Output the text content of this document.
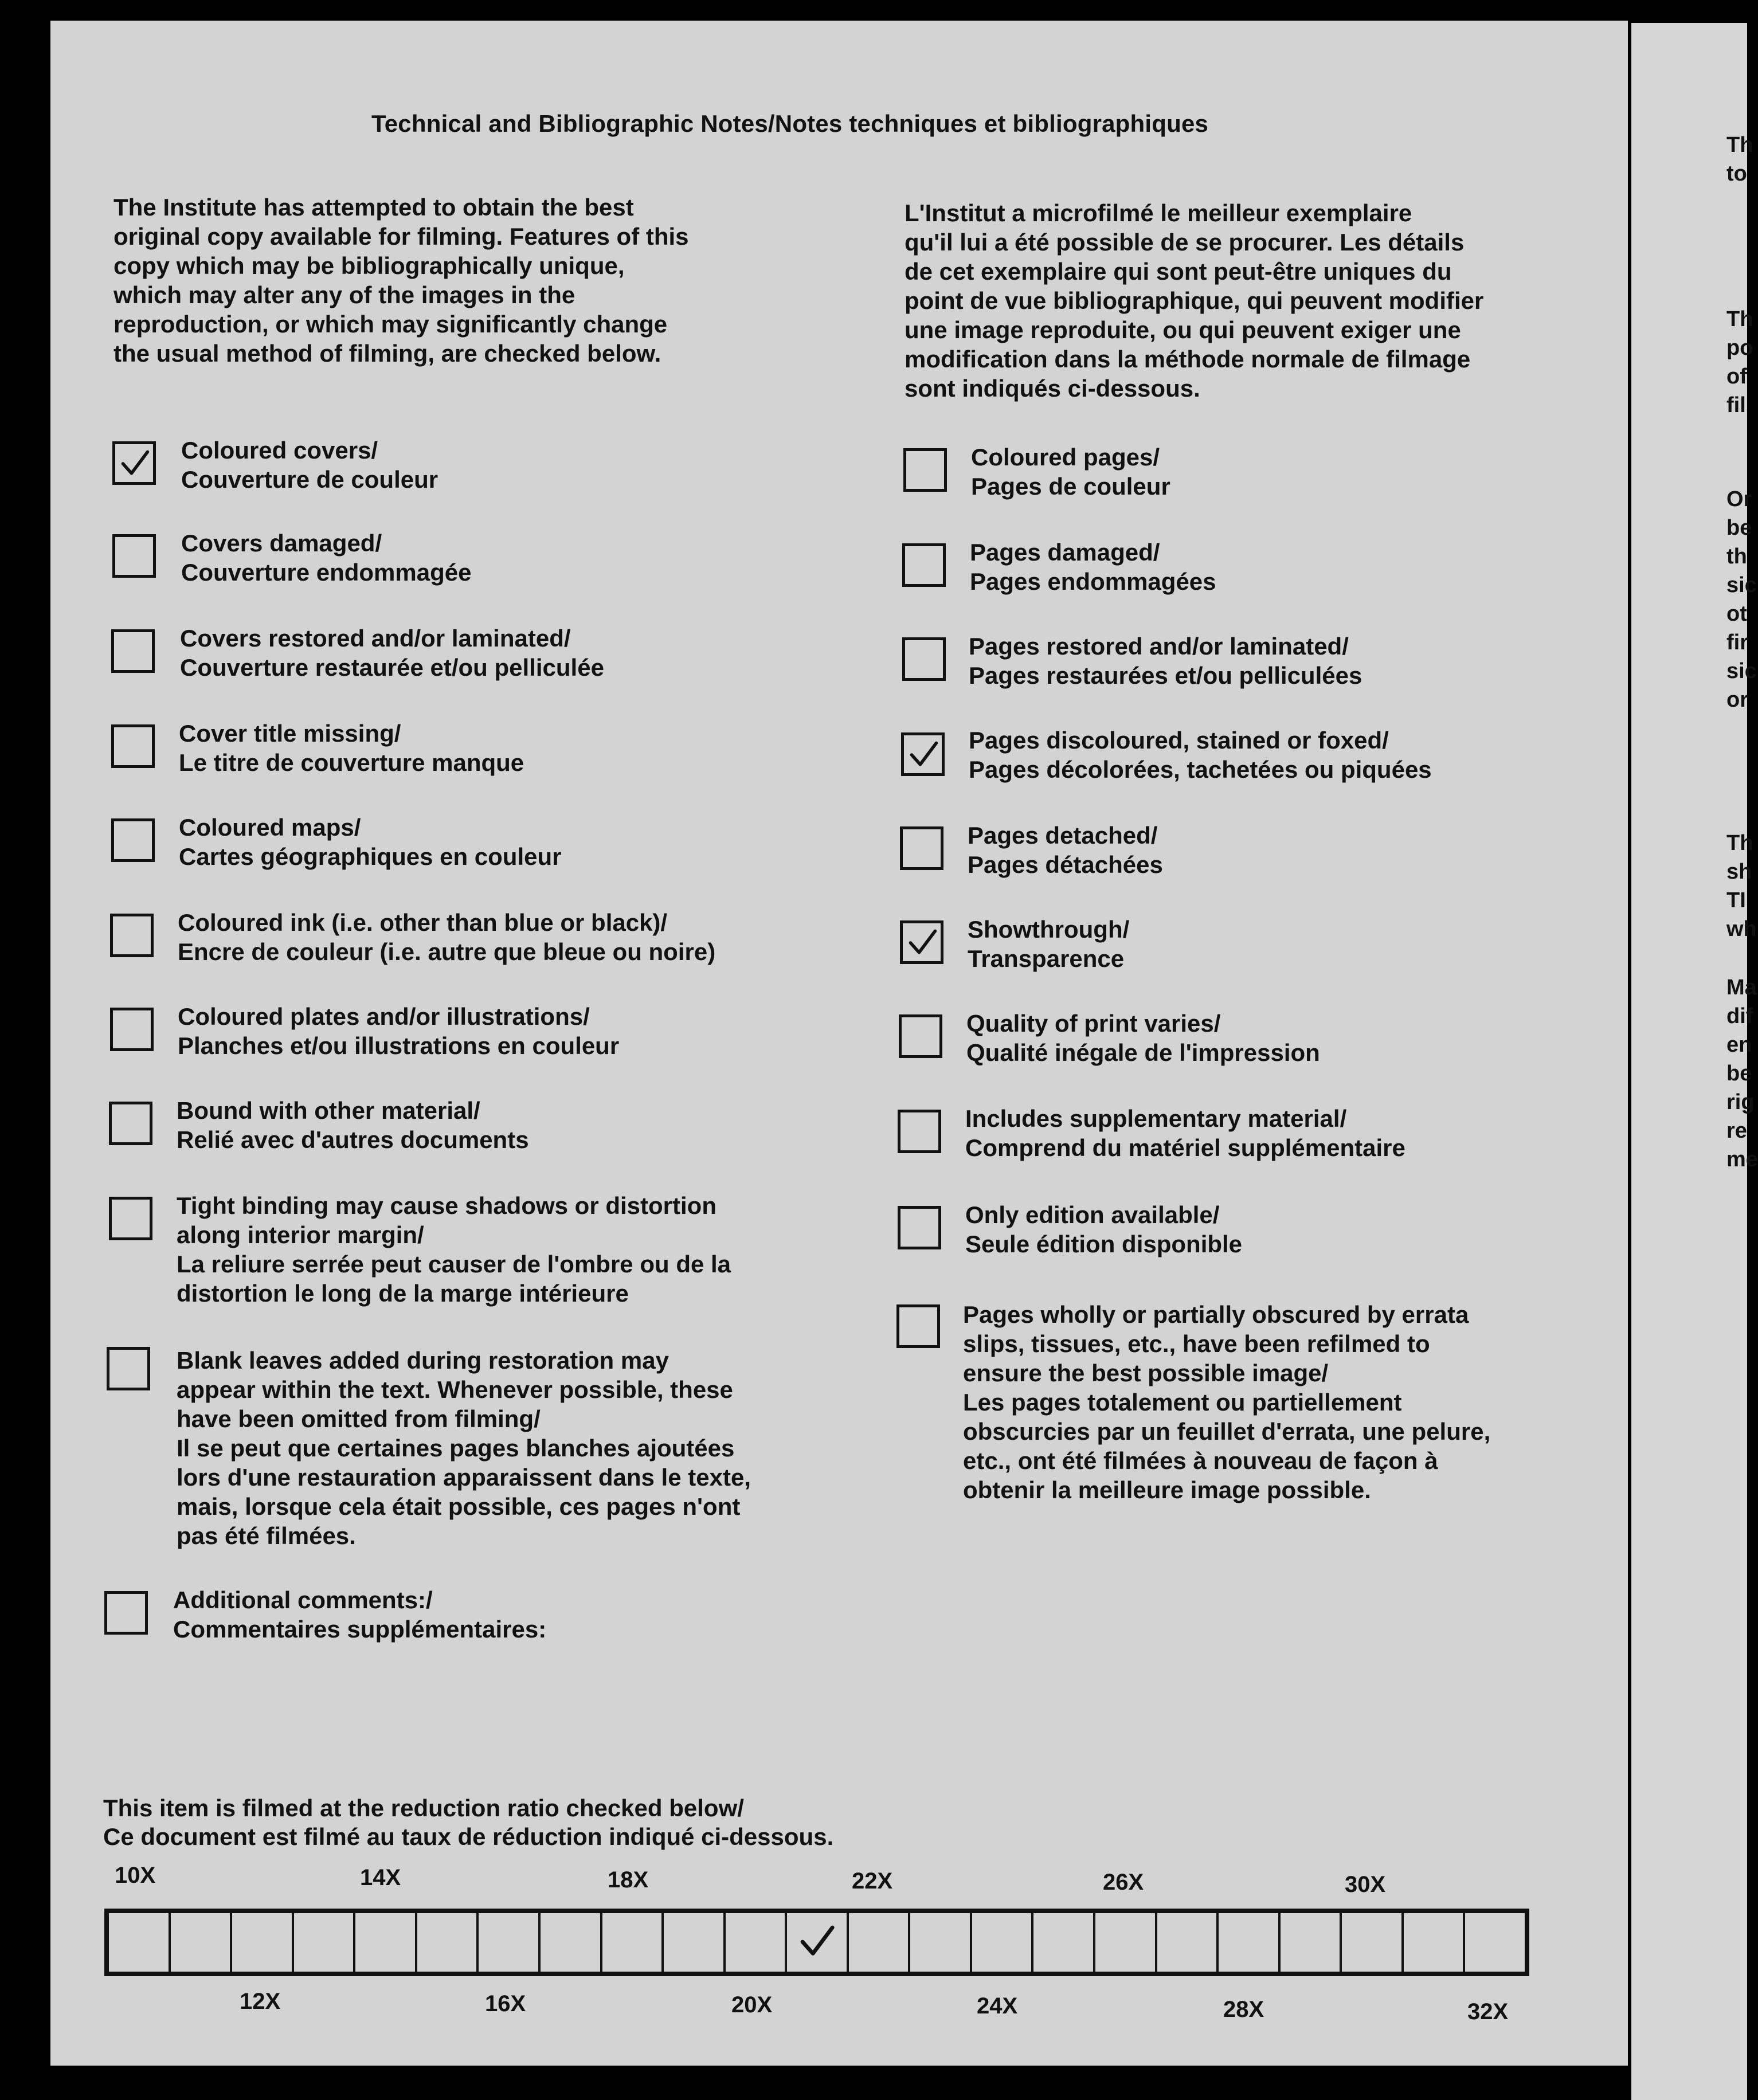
Th
to
Th
po
of
fil
Or
be
th
sic
ot
fir
sic
or
Th
sh
TI
wh
Ma
dif
en
be
rig
re
me
Technical and Bibliographic Notes/Notes techniques et bibliographiques
The Institute has attempted to obtain the best
original copy available for filming. Features of this
copy which may be bibliographically unique,
which may alter any of the images in the
reproduction, or which may significantly change
the usual method of filming, are checked below.
L'Institut a microfilmé le meilleur exemplaire
qu'il lui a été possible de se procurer. Les détails
de cet exemplaire qui sont peut-être uniques du
point de vue bibliographique, qui peuvent modifier
une image reproduite, ou qui peuvent exiger une
modification dans la méthode normale de filmage
sont indiqués ci-dessous.
Coloured covers/
Couverture de couleur
Covers damaged/
Couverture endommagée
Covers restored and/or laminated/
Couverture restaurée et/ou pelliculée
Cover title missing/
Le titre de couverture manque
Coloured maps/
Cartes géographiques en couleur
Coloured ink (i.e. other than blue or black)/
Encre de couleur (i.e. autre que bleue ou noire)
Coloured plates and/or illustrations/
Planches et/ou illustrations en couleur
Bound with other material/
Relié avec d'autres documents
Tight binding may cause shadows or distortion
along interior margin/
La reliure serrée peut causer de l'ombre ou de la
distortion le long de la marge intérieure
Blank leaves added during restoration may
appear within the text. Whenever possible, these
have been omitted from filming/
Il se peut que certaines pages blanches ajoutées
lors d'une restauration apparaissent dans le texte,
mais, lorsque cela était possible, ces pages n'ont
pas été filmées.
Additional comments:/
Commentaires supplémentaires:
Coloured pages/
Pages de couleur
Pages damaged/
Pages endommagées
Pages restored and/or laminated/
Pages restaurées et/ou pelliculées
Pages discoloured, stained or foxed/
Pages décolorées, tachetées ou piquées
Pages detached/
Pages détachées
Showthrough/
Transparence
Quality of print varies/
Qualité inégale de l'impression
Includes supplementary material/
Comprend du matériel supplémentaire
Only edition available/
Seule édition disponible
Pages wholly or partially obscured by errata
slips, tissues, etc., have been refilmed to
ensure the best possible image/
Les pages totalement ou partiellement
obscurcies par un feuillet d'errata, une pelure,
etc., ont été filmées à nouveau de façon à
obtenir la meilleure image possible.
This item is filmed at the reduction ratio checked below/
Ce document est filmé au taux de réduction indiqué ci-dessous.
10X	14X	18X	22X	26X	30X
12X	16X	20X	24X	28X	32X
